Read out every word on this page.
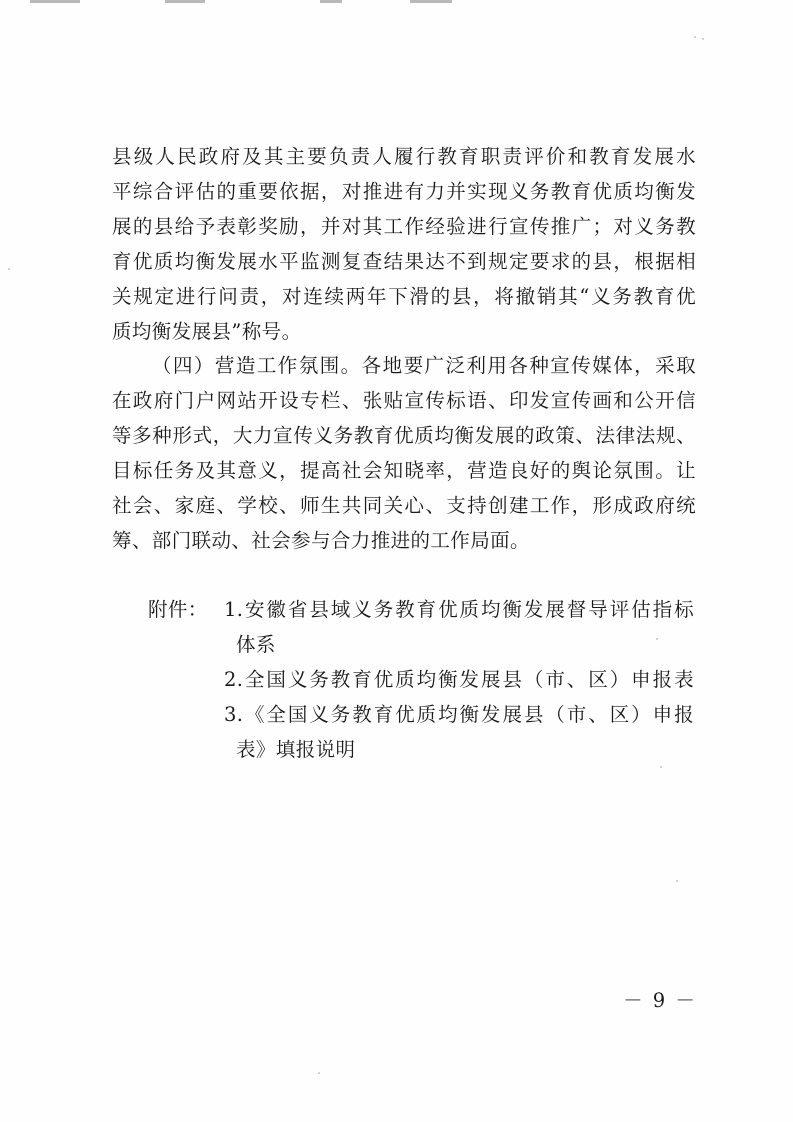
县级人民政府及其主要负责人履行教育职责评价和教育发展水
平综合评估的重要依据，对推进有力并实现义务教育优质均衡发
展的县给予表彰奖励，并对其工作经验进行宣传推广；对义务教
育优质均衡发展水平监测复查结果达不到规定要求的县，根据相
关规定进行问责，对连续两年下滑的县，将撤销其“义务教育优
质均衡发展县”称号。
（四）营造工作氛围。各地要广泛利用各种宣传媒体，采取
在政府门户网站开设专栏、张贴宣传标语、印发宣传画和公开信
等多种形式，大力宣传义务教育优质均衡发展的政策、法律法规、
目标任务及其意义，提高社会知晓率，营造良好的舆论氛围。让
社会、家庭、学校、师生共同关心、支持创建工作，形成政府统
筹、部门联动、社会参与合力推进的工作局面。
附件： 1.安徽省县域义务教育优质均衡发展督导评估指标
体系
2.全国义务教育优质均衡发展县（市、区）申报表
3.《全国义务教育优质均衡发展县（市、区）申报
表》填报说明
－ 9 －
